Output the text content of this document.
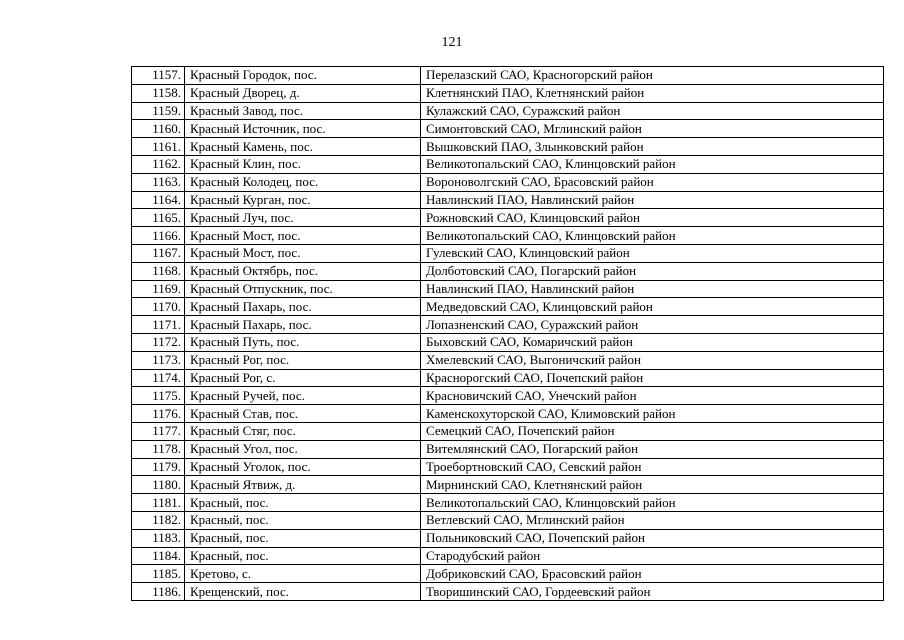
121
1157.	Красный Городок, пос.	Перелазский САО, Красногорский район
1158.	Красный Дворец, д.	Клетнянский ПАО, Клетнянский район
1159.	Красный Завод, пос.	Кулажский САО, Суражский район
1160.	Красный Источник, пос.	Симонтовский САО, Мглинский район
1161.	Красный Камень, пос.	Вышковский ПАО, Злынковский район
1162.	Красный Клин, пос.	Великотопальский САО, Клинцовский район
1163.	Красный Колодец, пос.	Вороноволгский САО, Брасовский район
1164.	Красный Курган, пос.	Навлинский ПАО, Навлинский район
1165.	Красный Луч, пос.	Рожновский САО, Клинцовский район
1166.	Красный Мост, пос.	Великотопальский САО, Клинцовский район
1167.	Красный Мост, пос.	Гулевский САО, Клинцовский район
1168.	Красный Октябрь, пос.	Долботовский САО, Погарский район
1169.	Красный Отпускник, пос.	Навлинский ПАО, Навлинский район
1170.	Красный Пахарь, пос.	Медведовский САО, Клинцовский район
1171.	Красный Пахарь, пос.	Лопазненский САО, Суражский район
1172.	Красный Путь, пос.	Быховский САО, Комаричский район
1173.	Красный Рог, пос.	Хмелевский САО, Выгоничский район
1174.	Красный Рог, с.	Краснорогский САО, Почепский район
1175.	Красный Ручей, пос.	Красновичский САО, Унечский район
1176.	Красный Став, пос.	Каменскохуторской САО, Климовский район
1177.	Красный Стяг, пос.	Семецкий САО, Почепский район
1178.	Красный Угол, пос.	Витемлянский САО, Погарский район
1179.	Красный Уголок, пос.	Троебортновский САО, Севский район
1180.	Красный Ятвиж, д.	Мирнинский САО, Клетнянский район
1181.	Красный, пос.	Великотопальский САО, Клинцовский район
1182.	Красный, пос.	Ветлевский САО, Мглинский район
1183.	Красный, пос.	Польниковский САО, Почепский район
1184.	Красный, пос.	Стародубский район
1185.	Кретово, с.	Добриковский САО, Брасовский район
1186.	Крещенский, пос.	Творишинский САО, Гордеевский район
